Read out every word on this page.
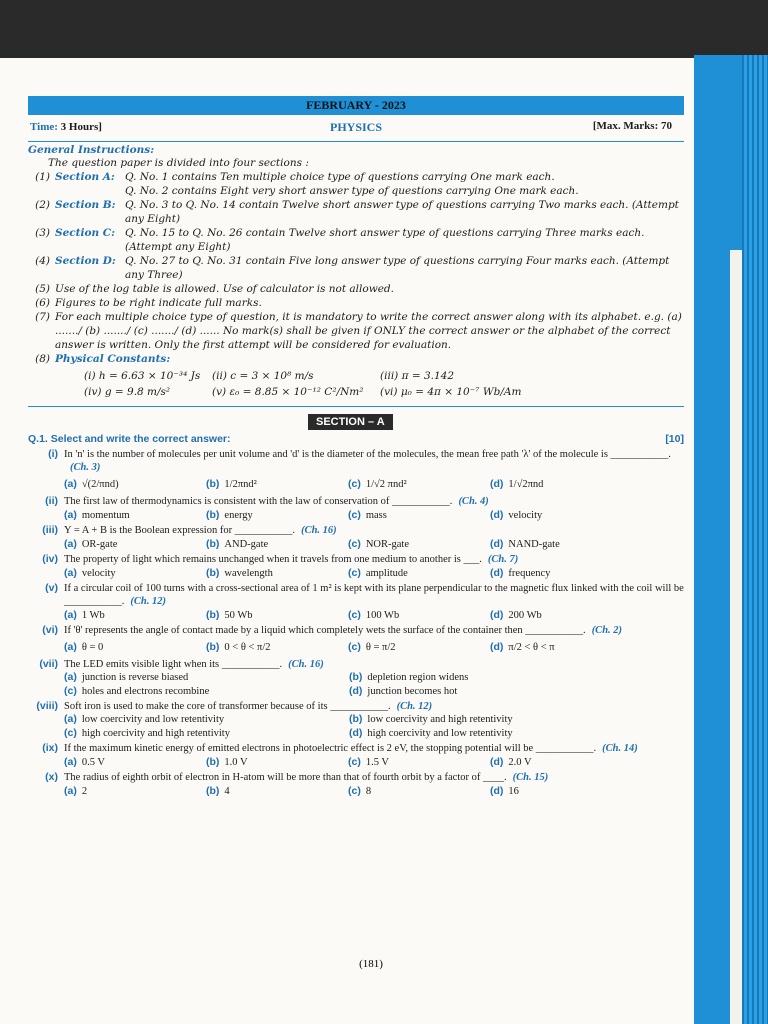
FEBRUARY - 2023
Time: 3 Hours]	PHYSICS	[Max. Marks: 70
General Instructions:
The question paper is divided into four sections :
(1) Section A: Q. No. 1 contains Ten multiple choice type of questions carrying One mark each.
Q. No. 2 contains Eight very short answer type of questions carrying One mark each.
(2) Section B: Q. No. 3 to Q. No. 14 contain Twelve short answer type of questions carrying Two marks each. (Attempt any Eight)
(3) Section C: Q. No. 15 to Q. No. 26 contain Twelve short answer type of questions carrying Three marks each. (Attempt any Eight)
(4) Section D: Q. No. 27 to Q. No. 31 contain Five long answer type of questions carrying Four marks each. (Attempt any Three)
(5) Use of the log table is allowed. Use of calculator is not allowed.
(6) Figures to be right indicate full marks.
(7) For each multiple choice type of question, it is mandatory to write the correct answer along with its alphabet. e.g. (a) ......./ (b) ......./ (c) ......./ (d) ...... No mark(s) shall be given if ONLY the correct answer or the alphabet of the correct answer is written. Only the first attempt will be considered for evaluation.
(8) Physical Constants:
(i) h = 6.63 × 10⁻³⁴ Js	(ii) c = 3 × 10⁸ m/s	(iii) π = 3.142
(iv) g = 9.8 m/s²	(v) ε₀ = 8.85 × 10⁻¹² C²/Nm²	(vi) μ₀ = 4π × 10⁻⁷ Wb/Am
SECTION – A
Q.1. Select and write the correct answer:	[10]
(i) In 'n' is the number of molecules per unit volume and 'd' is the diameter of the molecules, the mean free path 'λ' of the molecule is ___________.(Ch. 3)
(a) √(2/πnd)	(b) 1/2πnd²	(c) 1/√2 πnd²	(d) 1/√2πnd
(ii) The first law of thermodynamics is consistent with the law of conservation of ___________. (Ch. 4)
(a) momentum	(b) energy	(c) mass	(d) velocity
(iii) Y = A + B is the Boolean expression for ___________. (Ch. 16)
(a) OR-gate	(b) AND-gate	(c) NOR-gate	(d) NAND-gate
(iv) The property of light which remains unchanged when it travels from one medium to another is ___. (Ch. 7)
(a) velocity	(b) wavelength	(c) amplitude	(d) frequency
(v) If a circular coil of 100 turns with a cross-sectional area of 1 m² is kept with its plane perpendicular to the magnetic flux linked with the coil will be ___________. (Ch. 12)
(a) 1 Wb	(b) 50 Wb	(c) 100 Wb	(d) 200 Wb
(vi) If 'θ' represents the angle of contact made by a liquid which completely wets the surface of the container then ___________. (Ch. 2)
(a) θ = 0	(b) 0 < θ < π/2	(c) θ = π/2	(d) π/2 < θ < π
(vii) The LED emits visible light when its ___________. (Ch. 16)
(a) junction is reverse biased	(b) depletion region widens
(c) holes and electrons recombine	(d) junction becomes hot
(viii) Soft iron is used to make the core of transformer because of its ___________. (Ch. 12)
(a) low coercivity and low retentivity	(b) low coercivity and high retentivity
(c) high coercivity and high retentivity	(d) high coercivity and low retentivity
(ix) If the maximum kinetic energy of emitted electrons in photoelectric effect is 2 eV, the stopping potential will be ___________. (Ch. 14)
(a) 0.5 V	(b) 1.0 V	(c) 1.5 V	(d) 2.0 V
(x) The radius of eighth orbit of electron in H-atom will be more than that of fourth orbit by a factor of ____. (Ch. 15)
(a) 2	(b) 4	(c) 8	(d) 16
(181)
